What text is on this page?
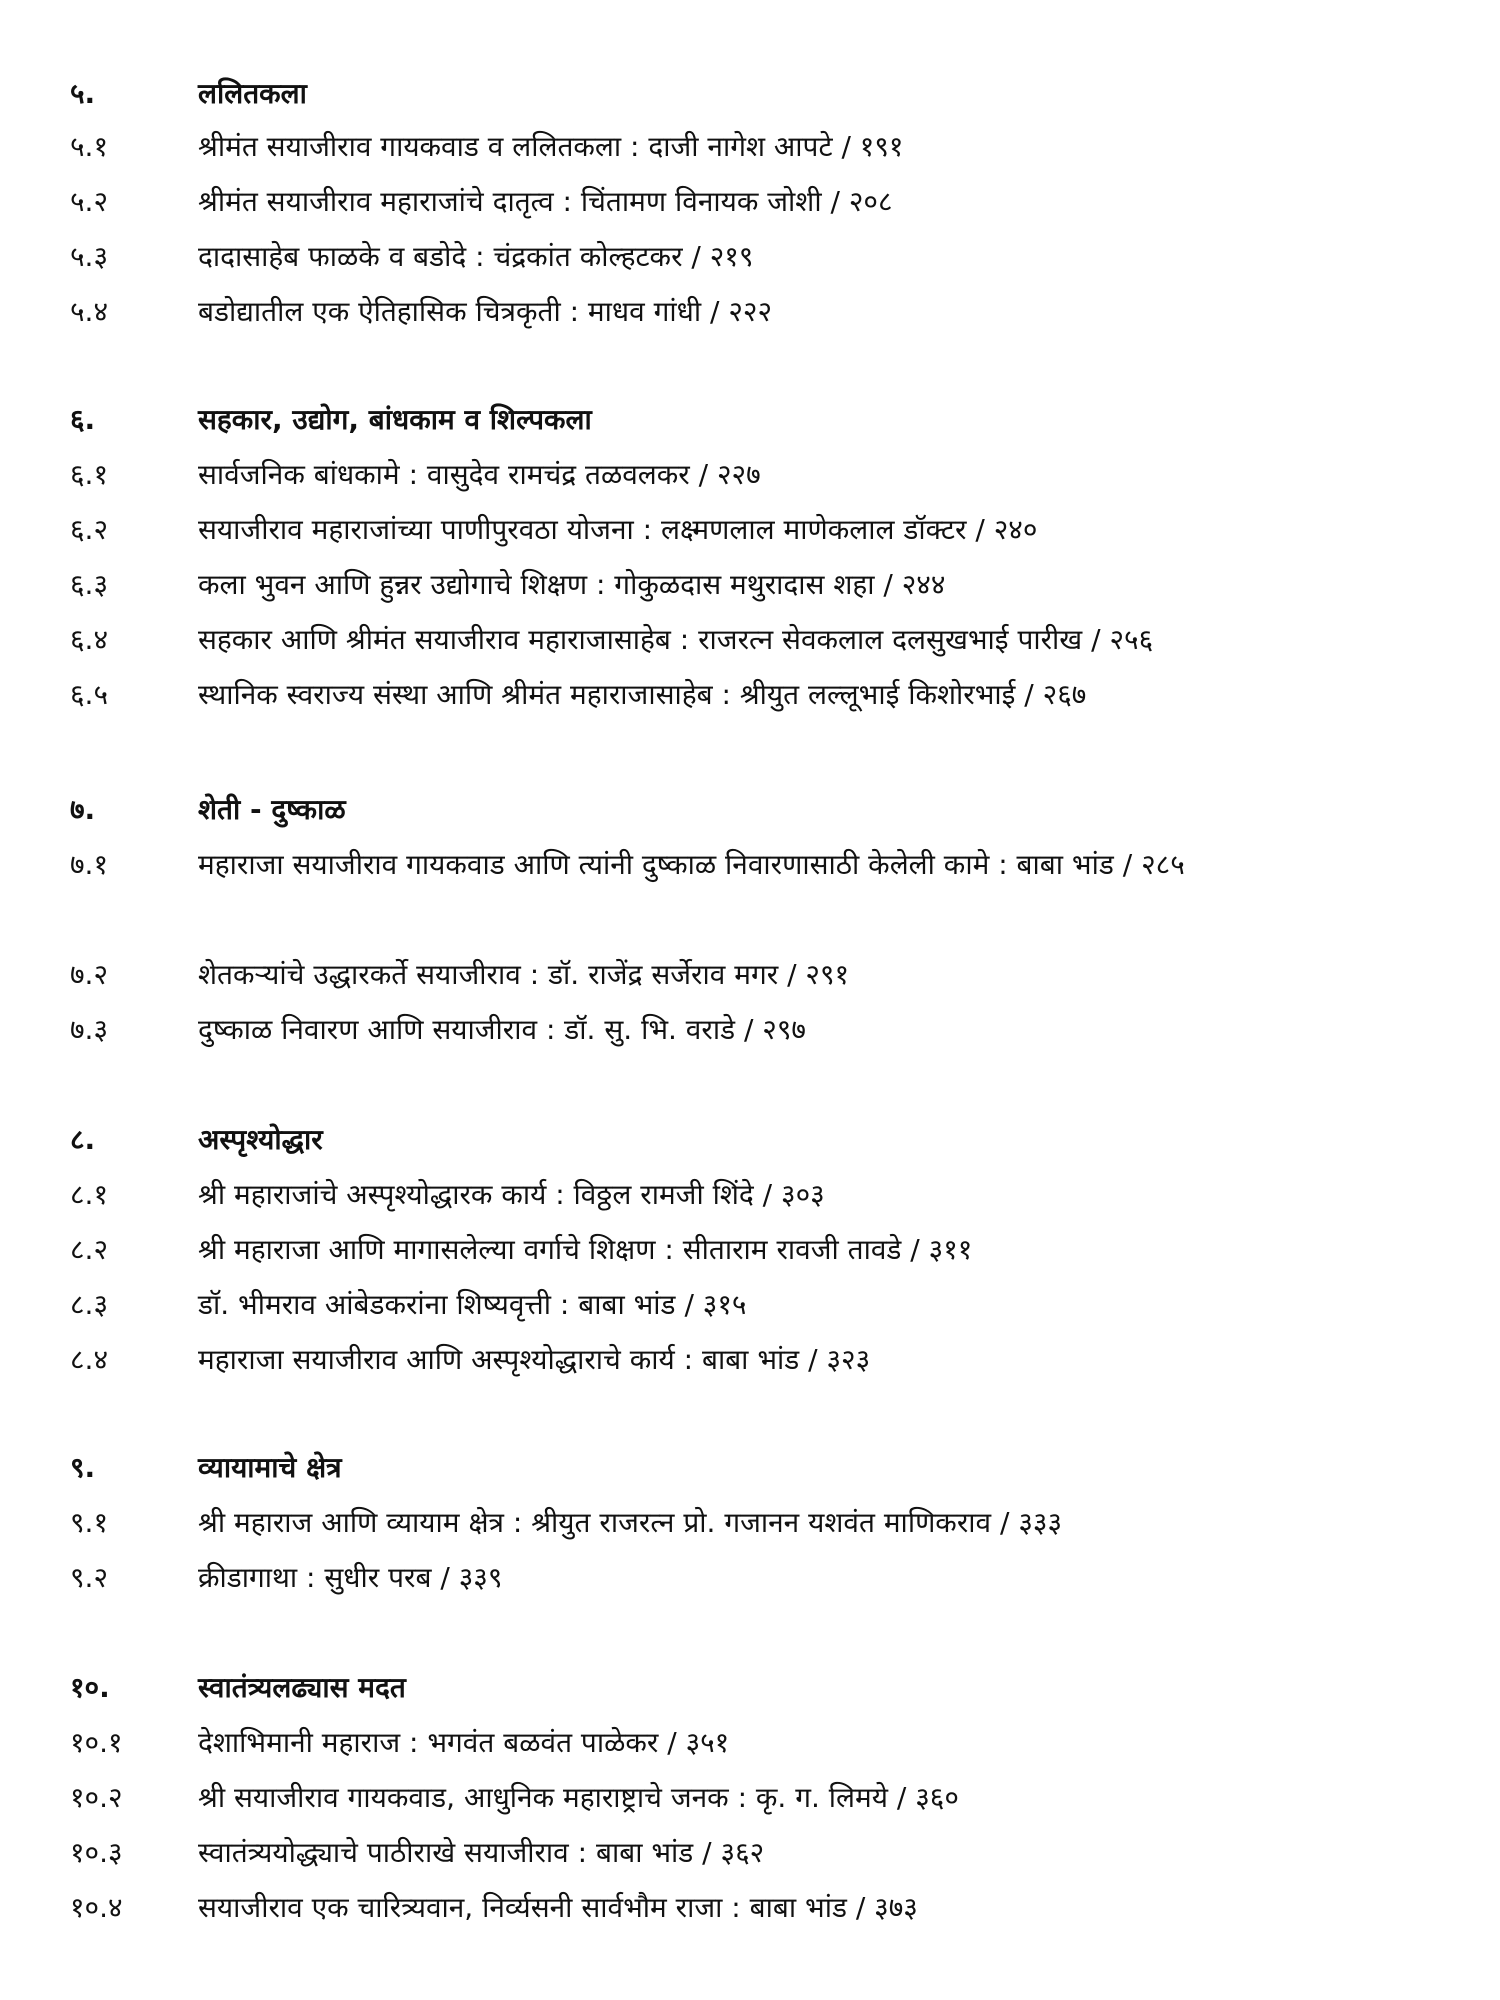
५.	ललितकला
५.१	श्रीमंत सयाजीराव गायकवाड व ललितकला : दाजी नागेश आपटे / १९१
५.२	श्रीमंत सयाजीराव महाराजांचे दातृत्व : चिंतामण विनायक जोशी / २०८
५.३	दादासाहेब फाळके व बडोदे : चंद्रकांत कोल्हटकर / २१९
५.४	बडोद्यातील एक ऐतिहासिक चित्रकृती : माधव गांधी / २२२
६.	सहकार, उद्योग, बांधकाम व शिल्पकला
६.१	सार्वजनिक बांधकामे : वासुदेव रामचंद्र तळवलकर / २२७
६.२	सयाजीराव महाराजांच्या पाणीपुरवठा योजना : लक्ष्मणलाल माणेकलाल डॉक्टर / २४०
६.३	कला भुवन आणि हुन्नर उद्योगाचे शिक्षण : गोकुळदास मथुरादास शहा / २४४
६.४	सहकार आणि श्रीमंत सयाजीराव महाराजासाहेब : राजरत्न सेवकलाल दलसुखभाई पारीख / २५६
६.५	स्थानिक स्वराज्य संस्था आणि श्रीमंत महाराजासाहेब : श्रीयुत लल्लूभाई किशोरभाई / २६७
७.	शेती - दुष्काळ
७.१	महाराजा सयाजीराव गायकवाड आणि त्यांनी दुष्काळ निवारणासाठी केलेली कामे : बाबा भांड / २८५
७.२	शेतकऱ्यांचे उद्धारकर्ते सयाजीराव : डॉ. राजेंद्र सर्जेराव मगर / २९१
७.३	दुष्काळ निवारण आणि सयाजीराव : डॉ. सु. भि. वराडे / २९७
८.	अस्पृश्योद्धार
८.१	श्री महाराजांचे अस्पृश्योद्धारक कार्य : विठ्ठल रामजी शिंदे / ३०३
८.२	श्री महाराजा आणि मागासलेल्या वर्गाचे शिक्षण : सीताराम रावजी तावडे / ३११
८.३	डॉ. भीमराव आंबेडकरांना शिष्यवृत्ती : बाबा भांड / ३१५
८.४	महाराजा सयाजीराव आणि अस्पृश्योद्धाराचे कार्य : बाबा भांड / ३२३
९.	व्यायामाचे क्षेत्र
९.१	श्री महाराज आणि व्यायाम क्षेत्र : श्रीयुत राजरत्न प्रो. गजानन यशवंत माणिकराव / ३३३
९.२	क्रीडागाथा : सुधीर परब / ३३९
१०.	स्वातंत्र्यलढ्यास मदत
१०.१	देशाभिमानी महाराज : भगवंत बळवंत पाळेकर / ३५१
१०.२	श्री सयाजीराव गायकवाड, आधुनिक महाराष्ट्राचे जनक : कृ. ग. लिमये / ३६०
१०.३	स्वातंत्र्ययोद्ध्याचे पाठीराखे सयाजीराव : बाबा भांड / ३६२
१०.४	सयाजीराव एक चारित्र्यवान, निर्व्यसनी सार्वभौम राजा : बाबा भांड / ३७३
